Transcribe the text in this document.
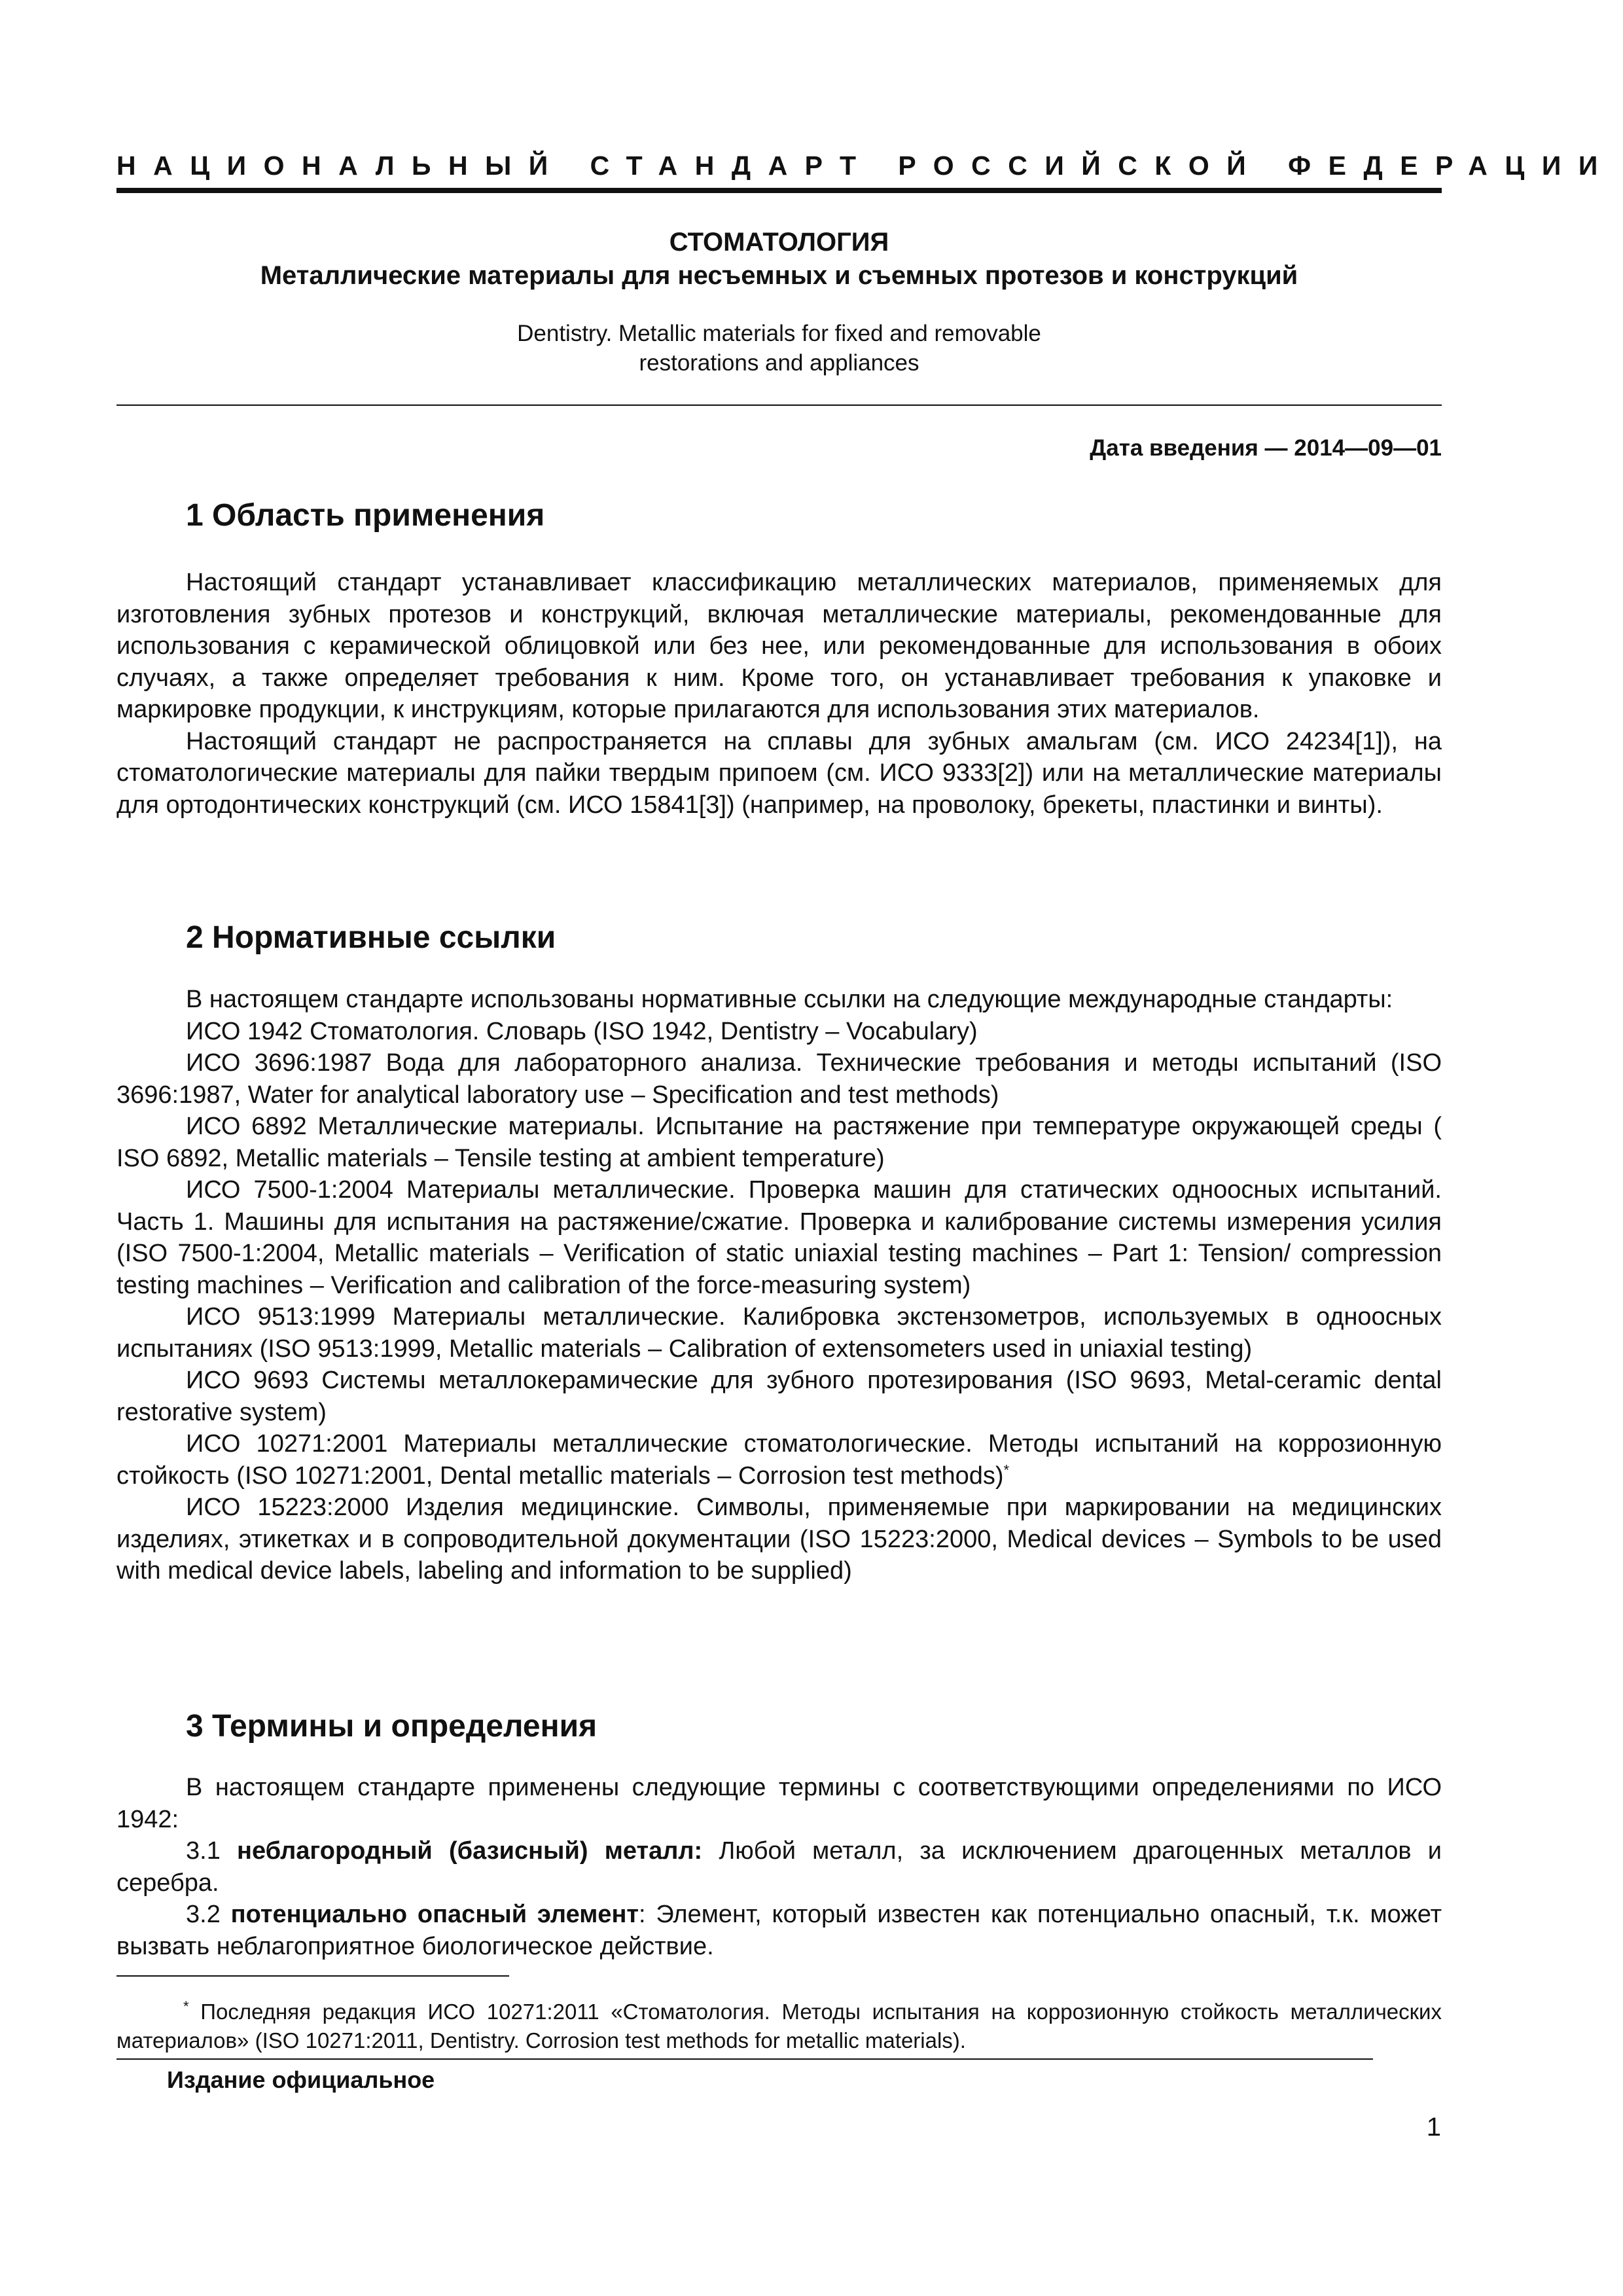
НАЦИОНАЛЬНЫЙ СТАНДАРТ РОССИЙСКОЙ ФЕДЕРАЦИИ
СТОМАТОЛОГИЯ
Металлические материалы для несъемных и съемных протезов и конструкций
Dentistry. Metallic materials for fixed and removable
restorations and appliances
Дата введения — 2014—09—01
1 Область применения

Настоящий стандарт устанавливает классификацию металлических материалов, применяемых для изготовления зубных протезов и конструкций, включая металлические материалы, рекомендованные для использования с керамической облицовкой или без нее, или рекомендованные для использования в обоих случаях, а также определяет требования к ним. Кроме того, он устанавливает требования к упаковке и маркировке продукции, к инструкциям, которые прилагаются для использования этих материалов.

Настоящий стандарт не распространяется на сплавы для зубных амальгам (см. ИСО 24234[1]), на стоматологические материалы для пайки твердым припоем (см. ИСО 9333[2]) или на металлические материалы для ортодонтических конструкций (см. ИСО 15841[3]) (например, на проволоку, брекеты, пластинки и винты).

2 Нормативные ссылки

В настоящем стандарте использованы нормативные ссылки на следующие международные стандарты:

ИСО 1942 Стоматология. Словарь (ISO 1942, Dentistry – Vocabulary)

ИСО 3696:1987 Вода для лабораторного анализа. Технические требования и методы испытаний (ISO 3696:1987, Water for analytical laboratory use – Specification and test methods)

ИСО 6892 Металлические материалы. Испытание на растяжение при температуре окружающей среды ( ISO 6892, Metallic materials – Tensile testing at ambient temperature)

ИСО 7500-1:2004 Материалы металлические. Проверка машин для статических одноосных испытаний. Часть 1. Машины для испытания на растяжение/сжатие. Проверка и калибрование системы измерения усилия (ISO 7500-1:2004, Metallic materials – Verification of static uniaxial testing machines – Part 1: Tension/ compression testing machines – Verification and calibration of the force-measuring system)

ИСО 9513:1999 Материалы металлические. Калибровка экстензометров, используемых в одноосных испытаниях (ISO 9513:1999, Metallic materials – Calibration of extensometers used in uniaxial testing)

ИСО 9693 Системы металлокерамические для зубного протезирования (ISO 9693, Metal-ceramic dental restorative system)

ИСО 10271:2001 Материалы металлические стоматологические. Методы испытаний на коррозионную стойкость (ISO 10271:2001, Dental metallic materials – Corrosion test methods)*

ИСО 15223:2000 Изделия медицинские. Символы, применяемые при маркировании на медицинских изделиях, этикетках и в сопроводительной документации (ISO 15223:2000, Medical devices – Symbols to be used with medical device labels, labeling and information to be supplied)

3 Термины и определения

В настоящем стандарте применены следующие термины с соответствующими определениями по ИСО 1942:

3.1 неблагородный (базисный) металл: Любой металл, за исключением драгоценных металлов и серебра.

3.2 потенциально опасный элемент: Элемент, который известен как потенциально опасный, т.к. может вызвать неблагоприятное биологическое действие.

* Последняя редакция ИСО 10271:2011 «Стоматология. Методы испытания на коррозионную стойкость металлических материалов» (ISO 10271:2011, Dentistry. Corrosion test methods for metallic materials).

Издание официальное
1
